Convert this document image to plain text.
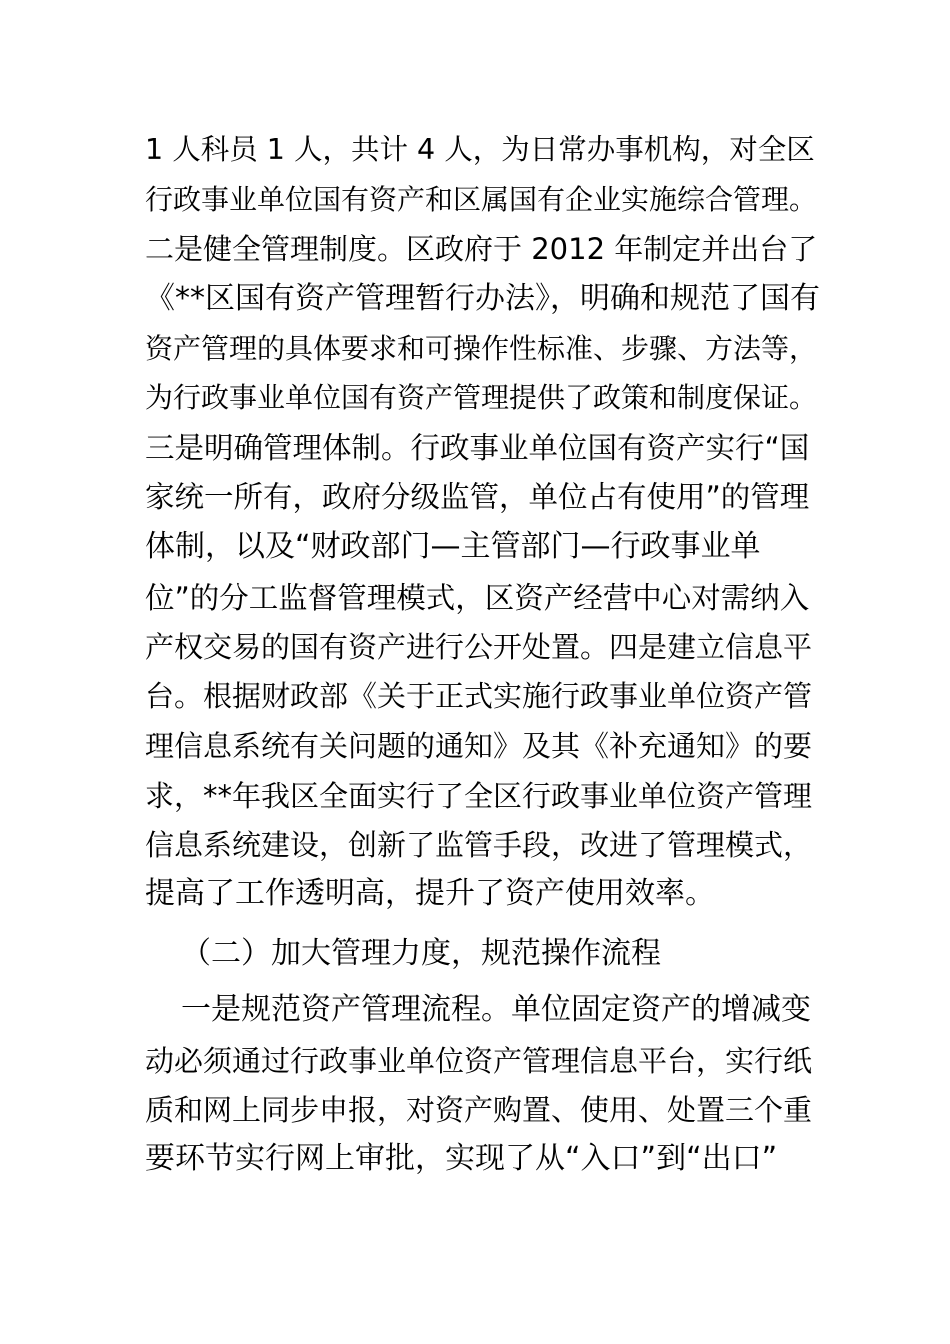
1 人科员 1 人，共计 4 人，为日常办事机构，对全区
行政事业单位国有资产和区属国有企业实施综合管理。
二是健全管理制度。区政府于 2012 年制定并出台了
《**区国有资产管理暂行办法》，明确和规范了国有
资产管理的具体要求和可操作性标准、步骤、方法等，
为行政事业单位国有资产管理提供了政策和制度保证。
三是明确管理体制。行政事业单位国有资产实行“国
家统一所有，政府分级监管，单位占有使用”的管理
体制，以及“财政部门—主管部门—行政事业单
位”的分工监督管理模式，区资产经营中心对需纳入
产权交易的国有资产进行公开处置。四是建立信息平
台。根据财政部《关于正式实施行政事业单位资产管
理信息系统有关问题的通知》及其《补充通知》的要
求，**年我区全面实行了全区行政事业单位资产管理
信息系统建设，创新了监管手段，改进了管理模式，
提高了工作透明高，提升了资产使用效率。
（二）加大管理力度，规范操作流程
一是规范资产管理流程。单位固定资产的增减变
动必须通过行政事业单位资产管理信息平台，实行纸
质和网上同步申报，对资产购置、使用、处置三个重
要环节实行网上审批，实现了从“入口”到“出口”
